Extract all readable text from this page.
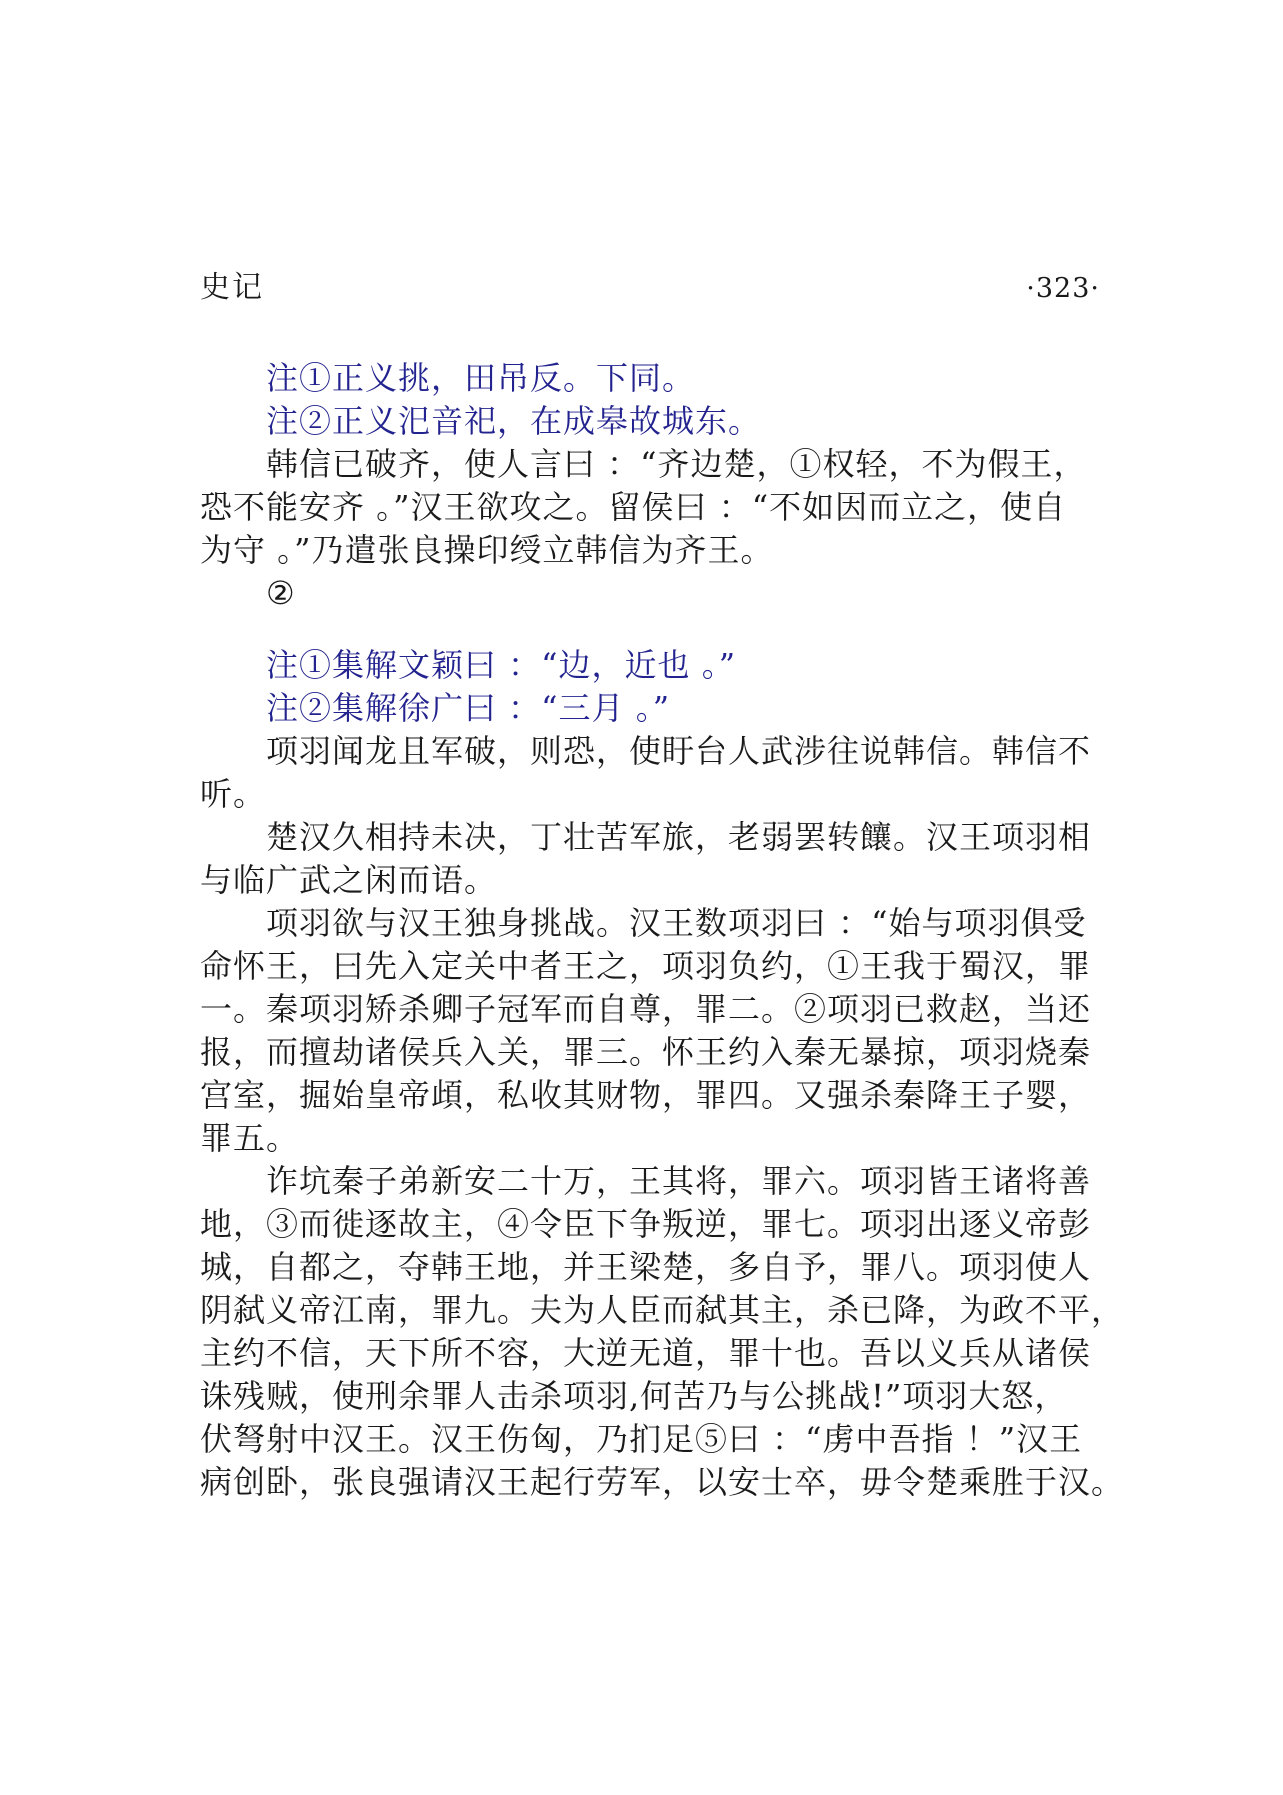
史记	·323·
注①正义挑，田吊反。下同。
注②正义汜音祀，在成皋故城东。
韩信已破齐，使人言曰 ：“齐边楚，①权轻，不为假王，
恐不能安齐 。”汉王欲攻之。留侯曰 ：“不如因而立之，使自
为守 。”乃遣张良操印绶立韩信为齐王。
②
注①集解文颖曰 ：“边，近也 。”
注②集解徐广曰 ：“三月 。”
项羽闻龙且军破，则恐，使盱台人武涉往说韩信。韩信不
听。
楚汉久相持未决，丁壮苦军旅，老弱罢转饟。汉王项羽相
与临广武之闲而语。
项羽欲与汉王独身挑战。汉王数项羽曰 ：“始与项羽俱受
命怀王，曰先入定关中者王之，项羽负约，①王我于蜀汉，罪
一。秦项羽矫杀卿子冠军而自尊，罪二。②项羽已救赵，当还
报，而擅劫诸侯兵入关，罪三。怀王约入秦无暴掠，项羽烧秦
宫室，掘始皇帝頉，私收其财物，罪四。又强杀秦降王子婴，
罪五。
诈坑秦子弟新安二十万，王其将，罪六。项羽皆王诸将善
地，③而徙逐故主，④令臣下争叛逆，罪七。项羽出逐义帝彭
城，自都之，夺韩王地，并王梁楚，多自予，罪八。项羽使人
阴弑义帝江南，罪九。夫为人臣而弑其主，杀已降，为政不平，
主约不信，天下所不容，大逆无道，罪十也。吾以义兵从诸侯
诛残贼，使刑余罪人击杀项羽,何苦乃与公挑战!”项羽大怒，
伏弩射中汉王。汉王伤匈，乃扪足⑤曰 ：“虏中吾指 ！”汉王
病创卧，张良强请汉王起行劳军，以安士卒，毋令楚乘胜于汉。
